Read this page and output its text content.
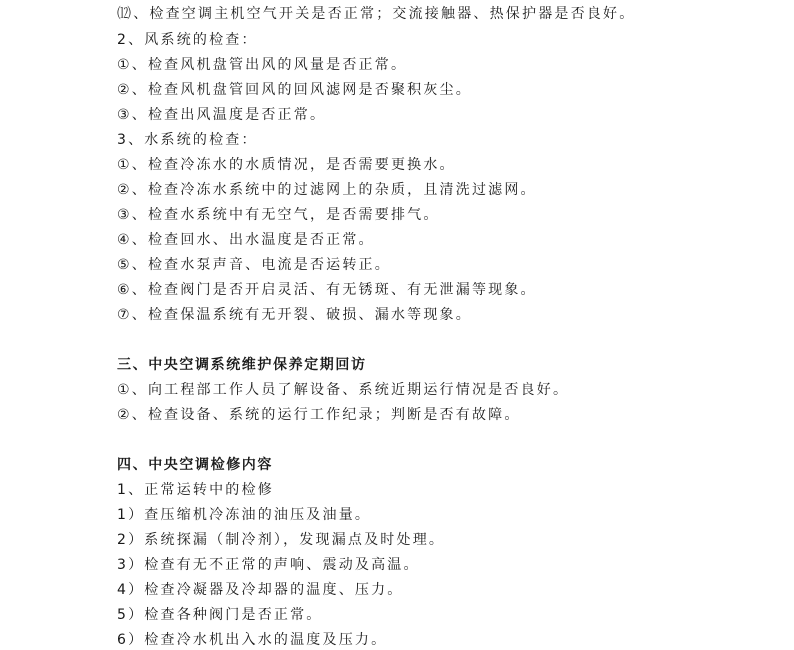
⑿、检查空调主机空气开关是否正常；交流接触器、热保护器是否良好。
2、风系统的检查：
①、检查风机盘管出风的风量是否正常。
②、检查风机盘管回风的回风滤网是否聚积灰尘。
③、检查出风温度是否正常。
3、水系统的检查：
①、检查冷冻水的水质情况，是否需要更换水。
②、检查冷冻水系统中的过滤网上的杂质，且清洗过滤网。
③、检查水系统中有无空气，是否需要排气。
④、检查回水、出水温度是否正常。
⑤、检查水泵声音、电流是否运转正。
⑥、检查阀门是否开启灵活、有无锈斑、有无泄漏等现象。
⑦、检查保温系统有无开裂、破损、漏水等现象。
三、中央空调系统维护保养定期回访
①、向工程部工作人员了解设备、系统近期运行情况是否良好。
②、检查设备、系统的运行工作纪录；判断是否有故障。
四、中央空调检修内容
1、正常运转中的检修
1）查压缩机冷冻油的油压及油量。
2）系统探漏（制冷剂），发现漏点及时处理。
3）检查有无不正常的声响、震动及高温。
4）检查冷凝器及冷却器的温度、压力。
5）检查各种阀门是否正常。
6）检查冷水机出入水的温度及压力。
